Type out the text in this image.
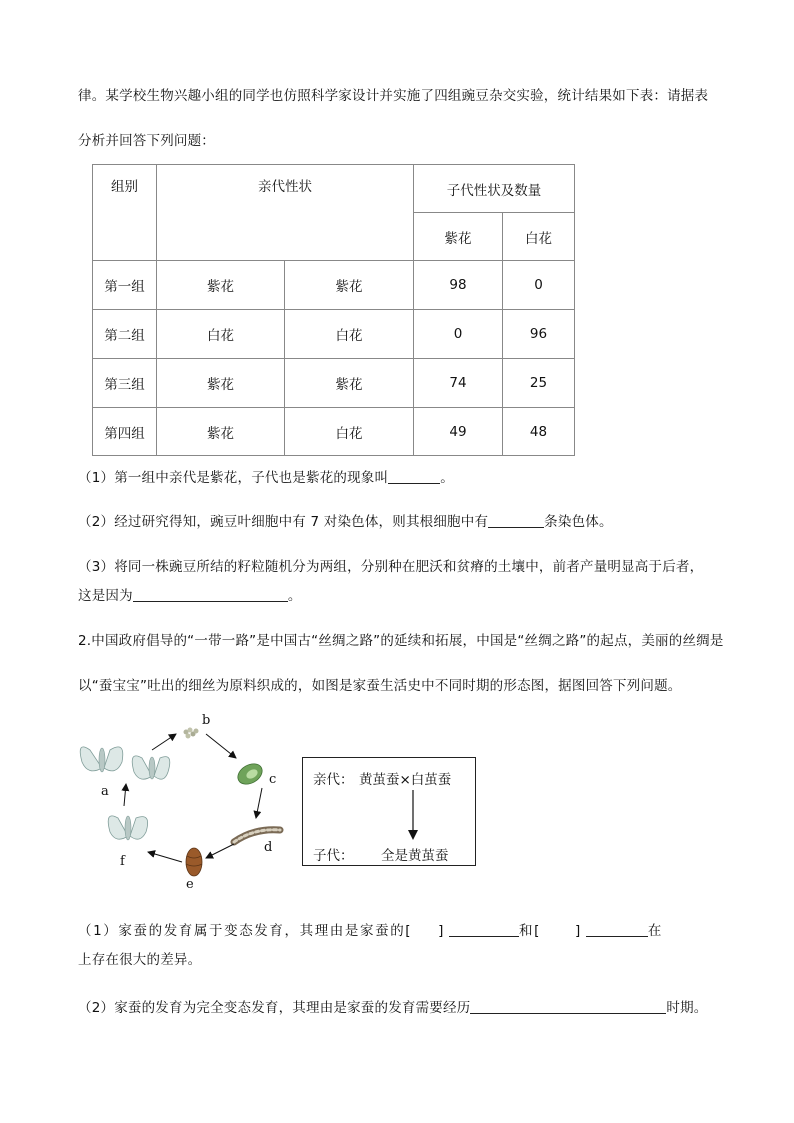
律。某学校生物兴趣小组的同学也仿照科学家设计并实施了四组豌豆杂交实验，统计结果如下表：请据表
分析并回答下列问题：
组别	亲代性状		子代性状及数量	
			紫花	白花
第一组	紫花	紫花	98	0
第二组	白花	白花	0	96
第三组	紫花	紫花	74	25
第四组	紫花	白花	49	48
（1）第一组中亲代是紫花，子代也是紫花的现象叫	。
（2）经过研究得知，豌豆叶细胞中有 7 对染色体，则其根细胞中有	条染色体。
（3）将同一株豌豆所结的籽粒随机分为两组，分别种在肥沃和贫瘠的土壤中，前者产量明显高于后者，
这是因为	。
2.中国政府倡导的“一带一路”是中国古“丝绸之路”的延续和拓展，中国是“丝绸之路”的起点，美丽的丝绸是
以“蚕宝宝”吐出的细丝为原料织成的，如图是家蚕生活史中不同时期的形态图，据图回答下列问题。
a
b
c
d
e
f
亲代： 黄茧蚕×白茧蚕
子代： 全是黄茧蚕
（1）家蚕的发育属于变态发育，其理由是家蚕的[ ]	和[	]	在
上存在很大的差异。
（2）家蚕的发育为完全变态发育，其理由是家蚕的发育需要经历	时期。
